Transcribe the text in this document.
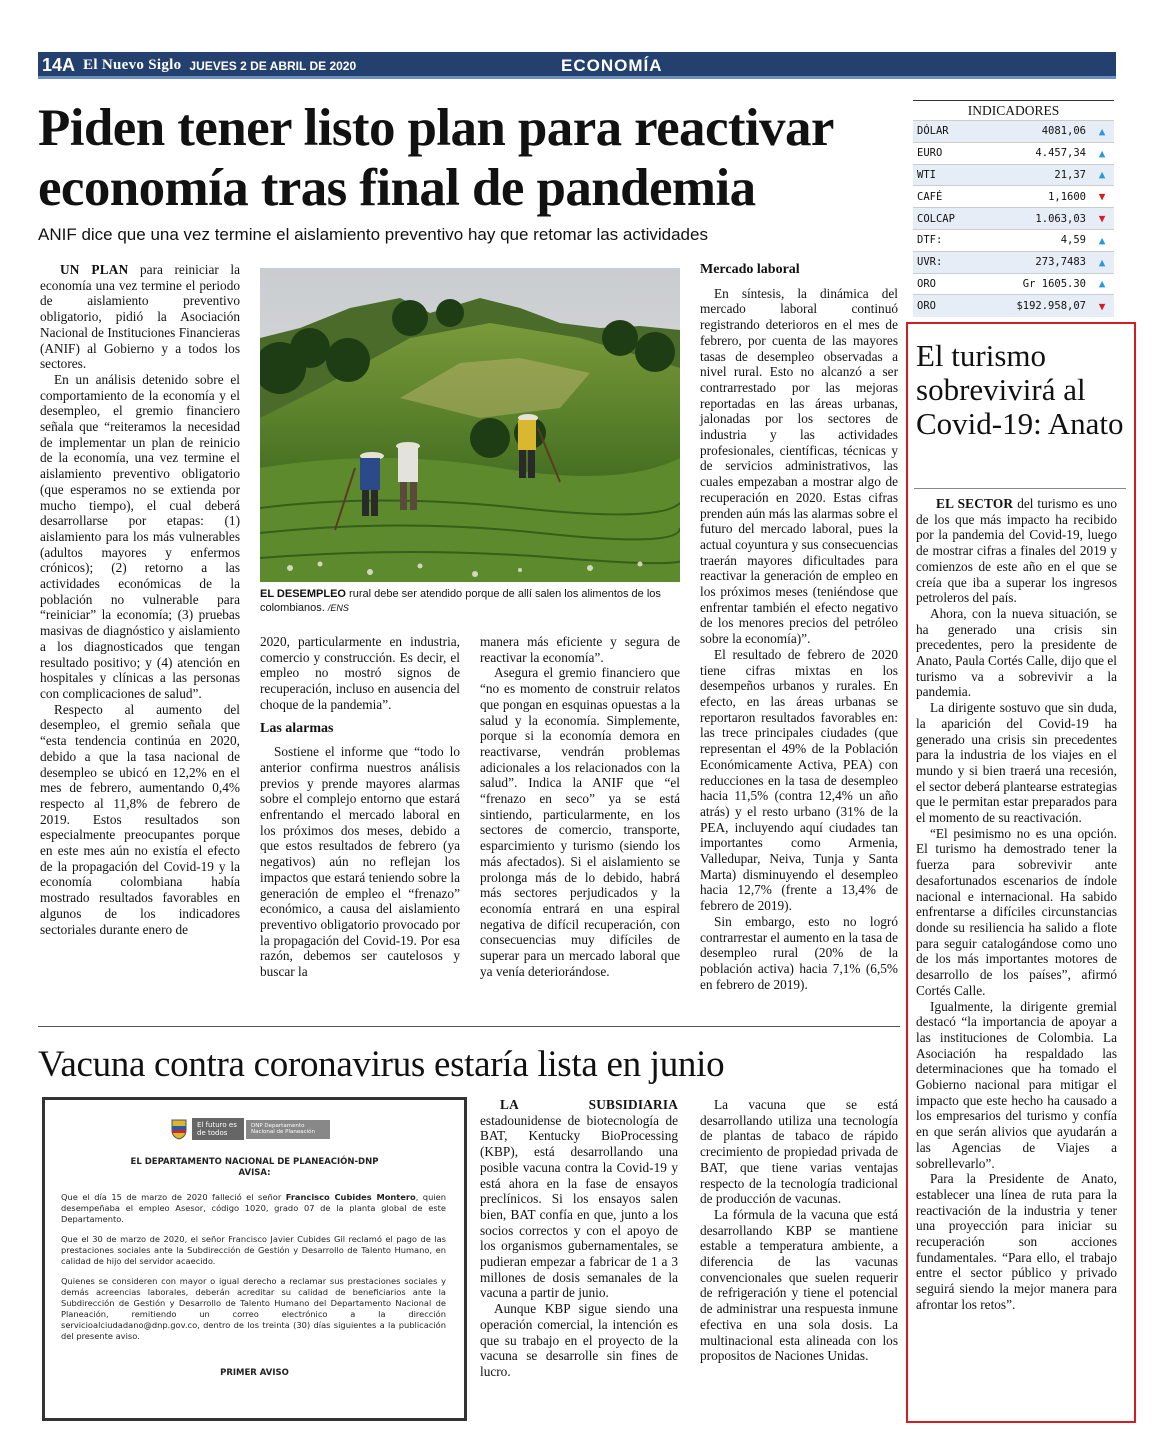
14A El Nuevo Siglo JUEVES 2 DE ABRIL DE 2020	ECONOMÍA
Piden tener listo plan para reactivar economía tras final de pandemia
ANIF dice que una vez termine el aislamiento preventivo hay que retomar las actividades

UN PLAN para reiniciar la economía una vez termine el periodo de aislamiento preventivo obligatorio, pidió la Asociación Nacional de Instituciones Financieras (ANIF) al Gobierno y a todos los sectores.

En un análisis detenido sobre el comportamiento de la economía y el desempleo, el gremio financiero señala que “reiteramos la necesidad de implementar un plan de reinicio de la economía, una vez termine el aislamiento preventivo obligatorio (que esperamos no se extienda por mucho tiempo), el cual deberá desarrollarse por etapas: (1) aislamiento para los más vulnerables (adultos mayores y enfermos crónicos); (2) retorno a las actividades económicas de la población no vulnerable para “reiniciar” la economía; (3) pruebas masivas de diagnóstico y aislamiento a los diagnosticados que tengan resultado positivo; y (4) atención en hospitales y clínicas a las personas con complicaciones de salud”.

Respecto al aumento del desempleo, el gremio señala que “esta tendencia continúa en 2020, debido a que la tasa nacional de desempleo se ubicó en 12,2% en el mes de febrero, aumentando 0,4% respecto al 11,8% de febrero de 2019. Estos resultados son especialmente preocupantes porque en este mes aún no existía el efecto de la propagación del Covid-19 y la economía colombiana había mostrado resultados favorables en algunos de los indicadores sectoriales durante enero de

EL DESEMPLEO rural debe ser atendido porque de allí salen los alimentos de los colombianos. /ENS

2020, particularmente en industria, comercio y construcción. Es decir, el empleo no mostró signos de recuperación, incluso en ausencia del choque de la pandemia”.

Las alarmas

Sostiene el informe que “todo lo anterior confirma nuestros análisis previos y prende mayores alarmas sobre el complejo entorno que estará enfrentando el mercado laboral en los próximos dos meses, debido a que estos resultados de febrero (ya negativos) aún no reflejan los impactos que estará teniendo sobre la generación de empleo el “frenazo” económico, a causa del aislamiento preventivo obligatorio provocado por la propagación del Covid-19. Por esa razón, debemos ser cautelosos y buscar la

manera más eficiente y segura de reactivar la economía”.

Asegura el gremio financiero que “no es momento de construir relatos que pongan en esquinas opuestas a la salud y la economía. Simplemente, porque si la economía demora en reactivarse, vendrán problemas adicionales a los relacionados con la salud”. Indica la ANIF que “el “frenazo en seco” ya se está sintiendo, particularmente, en los sectores de comercio, transporte, esparcimiento y turismo (siendo los más afectados). Si el aislamiento se prolonga más de lo debido, habrá más sectores perjudicados y la economía entrará en una espiral negativa de difícil recuperación, con consecuencias muy difíciles de superar para un mercado laboral que ya venía deteriorándose.

Mercado laboral

En síntesis, la dinámica del mercado laboral continuó registrando deterioros en el mes de febrero, por cuenta de las mayores tasas de desempleo observadas a nivel rural. Esto no alcanzó a ser contrarrestado por las mejoras reportadas en las áreas urbanas, jalonadas por los sectores de industria y las actividades profesionales, científicas, técnicas y de servicios administrativos, las cuales empezaban a mostrar algo de recuperación en 2020. Estas cifras prenden aún más las alarmas sobre el futuro del mercado laboral, pues la actual coyuntura y sus consecuencias traerán mayores dificultades para reactivar la generación de empleo en los próximos meses (teniéndose que enfrentar también el efecto negativo de los menores precios del petróleo sobre la economía)”.

El resultado de febrero de 2020 tiene cifras mixtas en los desempeños urbanos y rurales. En efecto, en las áreas urbanas se reportaron resultados favorables en: las trece principales ciudades (que representan el 49% de la Población Económicamente Activa, PEA) con reducciones en la tasa de desempleo hacia 11,5% (contra 12,4% un año atrás) y el resto urbano (31% de la PEA, incluyendo aquí ciudades tan importantes como Armenia, Valledupar, Neiva, Tunja y Santa Marta) disminuyendo el desempleo hacia 12,7% (frente a 13,4% de febrero de 2019).

Sin embargo, esto no logró contrarrestar el aumento en la tasa de desempleo rural (20% de la población activa) hacia 7,1% (6,5% en febrero de 2019).

INDICADORES
DÓLAR	4081,06	▲
EURO	4.457,34	▲
WTI	21,37	▲
CAFÉ	1,1600	▼
COLCAP	1.063,03	▼
DTF:	4,59	▲
UVR:	273,7483	▲
ORO	Gr 1605.30	▲
ORO	$192.958,07	▼
El turismo sobrevivirá al Covid-19: Anato

EL SECTOR del turismo es uno de los que más impacto ha recibido por la pandemia del Covid-19, luego de mostrar cifras a finales del 2019 y comienzos de este año en el que se creía que iba a superar los ingresos petroleros del país.

Ahora, con la nueva situación, se ha generado una crisis sin precedentes, pero la presidente de Anato, Paula Cortés Calle, dijo que el turismo va a sobrevivir a la pandemia.

La dirigente sostuvo que sin duda, la aparición del Covid-19 ha generado una crisis sin precedentes para la industria de los viajes en el mundo y si bien traerá una recesión, el sector deberá plantearse estrategias que le permitan estar preparados para el momento de su reactivación.

“El pesimismo no es una opción. El turismo ha demostrado tener la fuerza para sobrevivir ante desafortunados escenarios de índole nacional e internacional. Ha sabido enfrentarse a difíciles circunstancias donde su resiliencia ha salido a flote para seguir catalogándose como uno de los más importantes motores de desarrollo de los países”, afirmó Cortés Calle.

Igualmente, la dirigente gremial destacó “la importancia de apoyar a las instituciones de Colombia. La Asociación ha respaldado las determinaciones que ha tomado el Gobierno nacional para mitigar el impacto que este hecho ha causado a los empresarios del turismo y confía en que serán alivios que ayudarán a las Agencias de Viajes a sobrellevarlo”.

Para la Presidente de Anato, establecer una línea de ruta para la reactivación de la industria y tener una proyección para iniciar su recuperación son acciones fundamentales. “Para ello, el trabajo entre el sector público y privado seguirá siendo la mejor manera para afrontar los retos”.

Vacuna contra coronavirus estaría lista en junio

LA SUBSIDIARIA estadounidense de biotecnología de BAT, Kentucky BioProcessing (KBP), está desarrollando una posible vacuna contra la Covid-19 y está ahora en la fase de ensayos preclínicos. Si los ensayos salen bien, BAT confía en que, junto a los socios correctos y con el apoyo de los organismos gubernamentales, se pudieran empezar a fabricar de 1 a 3 millones de dosis semanales de la vacuna a partir de junio.

Aunque KBP sigue siendo una operación comercial, la intención es que su trabajo en el proyecto de la vacuna se desarrolle sin fines de lucro.

La vacuna que se está desarrollando utiliza una tecnología de plantas de tabaco de rápido crecimiento de propiedad privada de BAT, que tiene varias ventajas respecto de la tecnología tradicional de producción de vacunas.

La fórmula de la vacuna que está desarrollando KBP se mantiene estable a temperatura ambiente, a diferencia de las vacunas convencionales que suelen requerir de refrigeración y tiene el potencial de administrar una respuesta inmune efectiva en una sola dosis. La multinacional esta alineada con los propositos de Naciones Unidas.

El futuro es de todos
DNP Departamento Nacional de Planeación
EL DEPARTAMENTO NACIONAL DE PLANEACIÓN-DNP
AVISA:

Que el día 15 de marzo de 2020 falleció el señor Francisco Cubides Montero, quien desempeñaba el empleo Asesor, código 1020, grado 07 de la planta global de este Departamento.

Que el 30 de marzo de 2020, el señor Francisco Javier Cubides Gil reclamó el pago de las prestaciones sociales ante la Subdirección de Gestión y Desarrollo de Talento Humano, en calidad de hijo del servidor acaecido.

Quienes se consideren con mayor o igual derecho a reclamar sus prestaciones sociales y demás acreencias laborales, deberán acreditar su calidad de beneficiarios ante la Subdirección de Gestión y Desarrollo de Talento Humano del Departamento Nacional de Planeación, remitiendo un correo electrónico a la dirección servicioalciudadano@dnp.gov.co, dentro de los treinta (30) días siguientes a la publicación del presente aviso.

PRIMER AVISO
